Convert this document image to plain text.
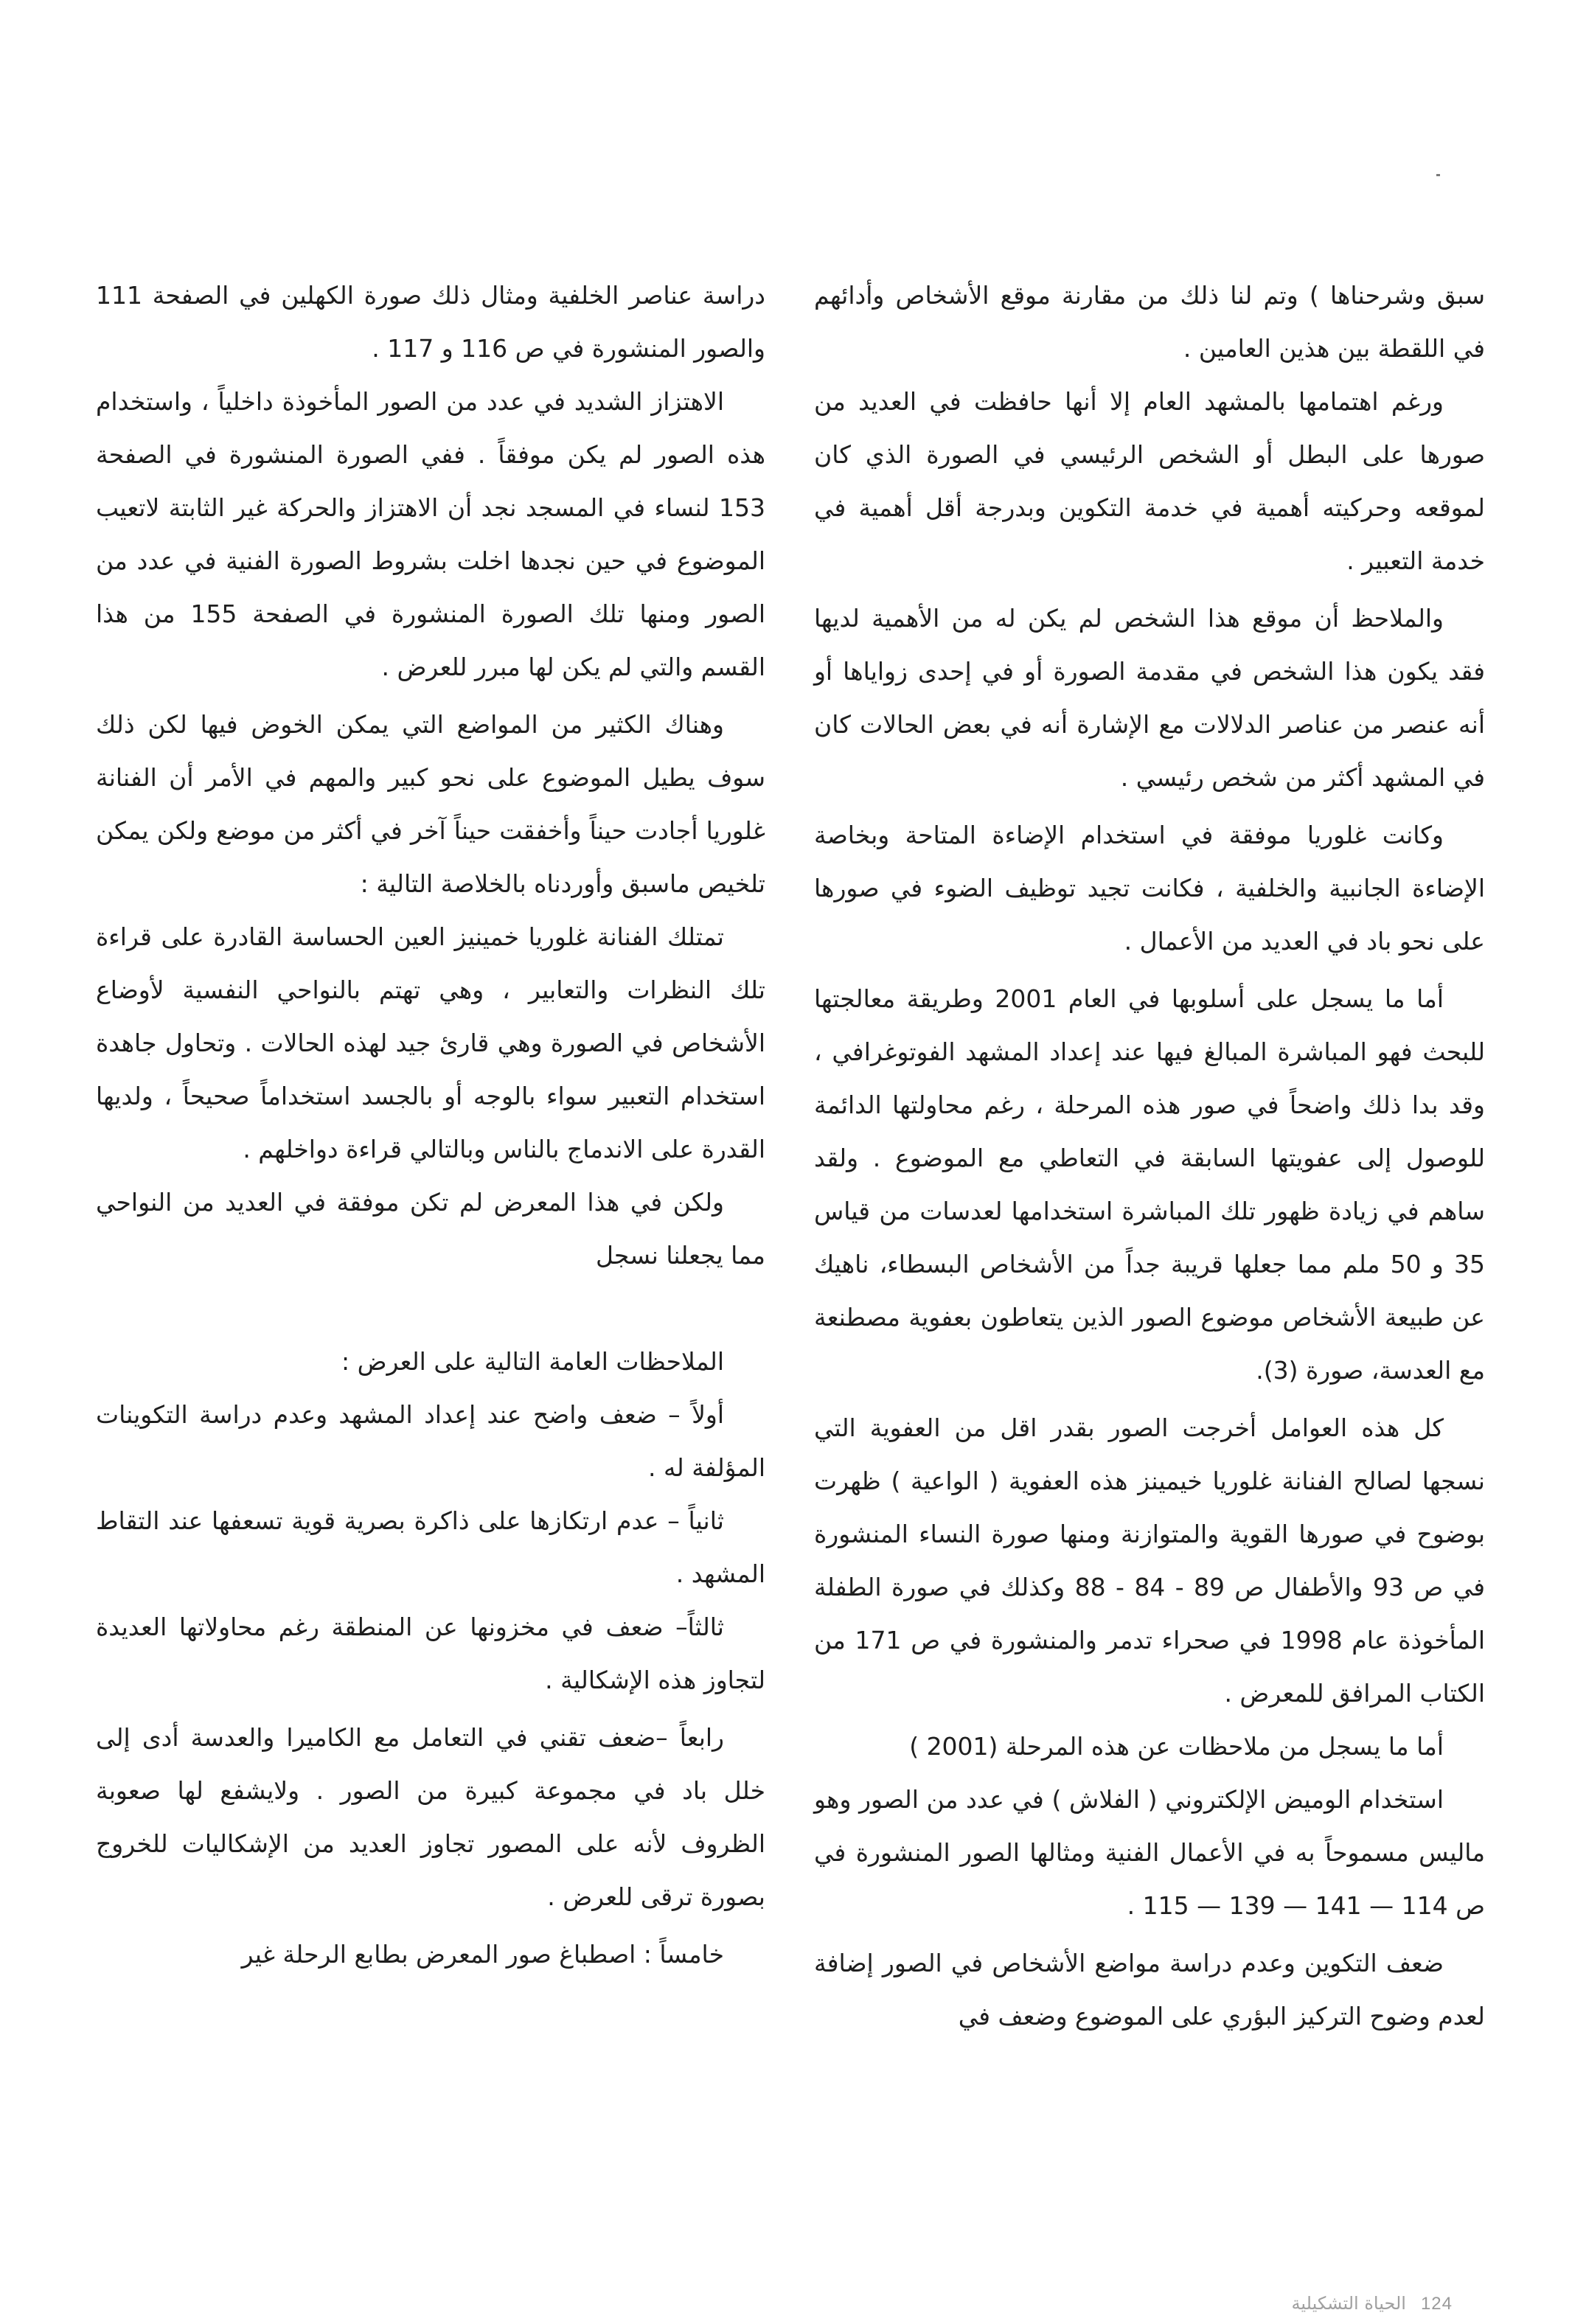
سبق وشرحناها ) وتم لنا ذلك من مقارنة موقع الأشخاص وأدائهم في اللقطة بين هذين العامين .

ورغم اهتمامها بالمشهد العام إلا أنها حافظت في العديد من صورها على البطل أو الشخص الرئيسي في الصورة الذي كان لموقعه وحركيته أهمية في خدمة التكوين وبدرجة أقل أهمية في خدمة التعبير .

والملاحظ أن موقع هذا الشخص لم يكن له من الأهمية لديها فقد يكون هذا الشخص في مقدمة الصورة أو في إحدى زواياها أو أنه عنصر من عناصر الدلالات مع الإشارة أنه في بعض الحالات كان في المشهد أكثر من شخص رئيسي .

وكانت غلوريا موفقة في استخدام الإضاءة المتاحة وبخاصة الإضاءة الجانبية والخلفية ، فكانت تجيد توظيف الضوء في صورها على نحو باد في العديد من الأعمال .

أما ما يسجل على أسلوبها في العام 2001 وطريقة معالجتها للبحث فهو المباشرة المبالغ فيها عند إعداد المشهد الفوتوغرافي ، وقد بدا ذلك واضحاً في صور هذه المرحلة ، رغم محاولتها الدائمة للوصول إلى عفويتها السابقة في التعاطي مع الموضوع . ولقد ساهم في زيادة ظهور تلك المباشرة استخدامها لعدسات من قياس 35 و 50 ملم مما جعلها قريبة جداً من الأشخاص البسطاء، ناهيك عن طبيعة الأشخاص موضوع الصور الذين يتعاطون بعفوية مصطنعة مع العدسة، صورة (3).

كل هذه العوامل أخرجت الصور بقدر اقل من العفوية التي نسجها لصالح الفنانة غلوريا خيمينز هذه العفوية ( الواعية ) ظهرت بوضوح في صورها القوية والمتوازنة ومنها صورة النساء المنشورة في ص 93 والأطفال ص 89 - 84 - 88 وكذلك في صورة الطفلة المأخوذة عام 1998 في صحراء تدمر والمنشورة في ص 171 من الكتاب المرافق للمعرض .

أما ما يسجل من ملاحظات عن هذه المرحلة (2001 )

استخدام الوميض الإلكتروني ( الفلاش ) في عدد من الصور وهو ماليس مسموحاً به في الأعمال الفنية ومثالها الصور المنشورة في ص 114 — 141 — 139 — 115 .

ضعف التكوين وعدم دراسة مواضع الأشخاص في الصور إضافة لعدم وضوح التركيز البؤري على الموضوع وضعف في

دراسة عناصر الخلفية ومثال ذلك صورة الكهلين في الصفحة 111 والصور المنشورة في ص 116 و 117 .

الاهتزاز الشديد في عدد من الصور المأخوذة داخلياً ، واستخدام هذه الصور لم يكن موفقاً . ففي الصورة المنشورة في الصفحة 153 لنساء في المسجد نجد أن الاهتزاز والحركة غير الثابتة لاتعيب الموضوع في حين نجدها اخلت بشروط الصورة الفنية في عدد من الصور ومنها تلك الصورة المنشورة في الصفحة 155 من هذا القسم والتي لم يكن لها مبرر للعرض .

وهناك الكثير من المواضع التي يمكن الخوض فيها لكن ذلك سوف يطيل الموضوع على نحو كبير والمهم في الأمر أن الفنانة غلوريا أجادت حيناً وأخفقت حيناً آخر في أكثر من موضع ولكن يمكن تلخيص ماسبق وأوردناه بالخلاصة التالية :

تمتلك الفنانة غلوريا خمينيز العين الحساسة القادرة على قراءة تلك النظرات والتعابير ، وهي تهتم بالنواحي النفسية لأوضاع الأشخاص في الصورة وهي قارئ جيد لهذه الحالات . وتحاول جاهدة استخدام التعبير سواء بالوجه أو بالجسد استخداماً صحيحاً ، ولديها القدرة على الاندماج بالناس وبالتالي قراءة دواخلهم .

ولكن في هذا المعرض لم تكن موفقة في العديد من النواحي مما يجعلنا نسجل

الملاحظات العامة التالية على العرض :

أولاً – ضعف واضح عند إعداد المشهد وعدم دراسة التكوينات المؤلفة له .

ثانياً – عدم ارتكازها على ذاكرة بصرية قوية تسعفها عند التقاط المشهد .

ثالثاً– ضعف في مخزونها عن المنطقة رغم محاولاتها العديدة لتجاوز هذه الإشكالية .

رابعاً –ضعف تقني في التعامل مع الكاميرا والعدسة أدى إلى خلل باد في مجموعة كبيرة من الصور . ولايشفع لها صعوبة الظروف لأنه على المصور تجاوز العديد من الإشكاليات للخروج بصورة ترقى للعرض .

خامساً : اصطباغ صور المعرض بطابع الرحلة غير

124
الحياة التشكيلية
